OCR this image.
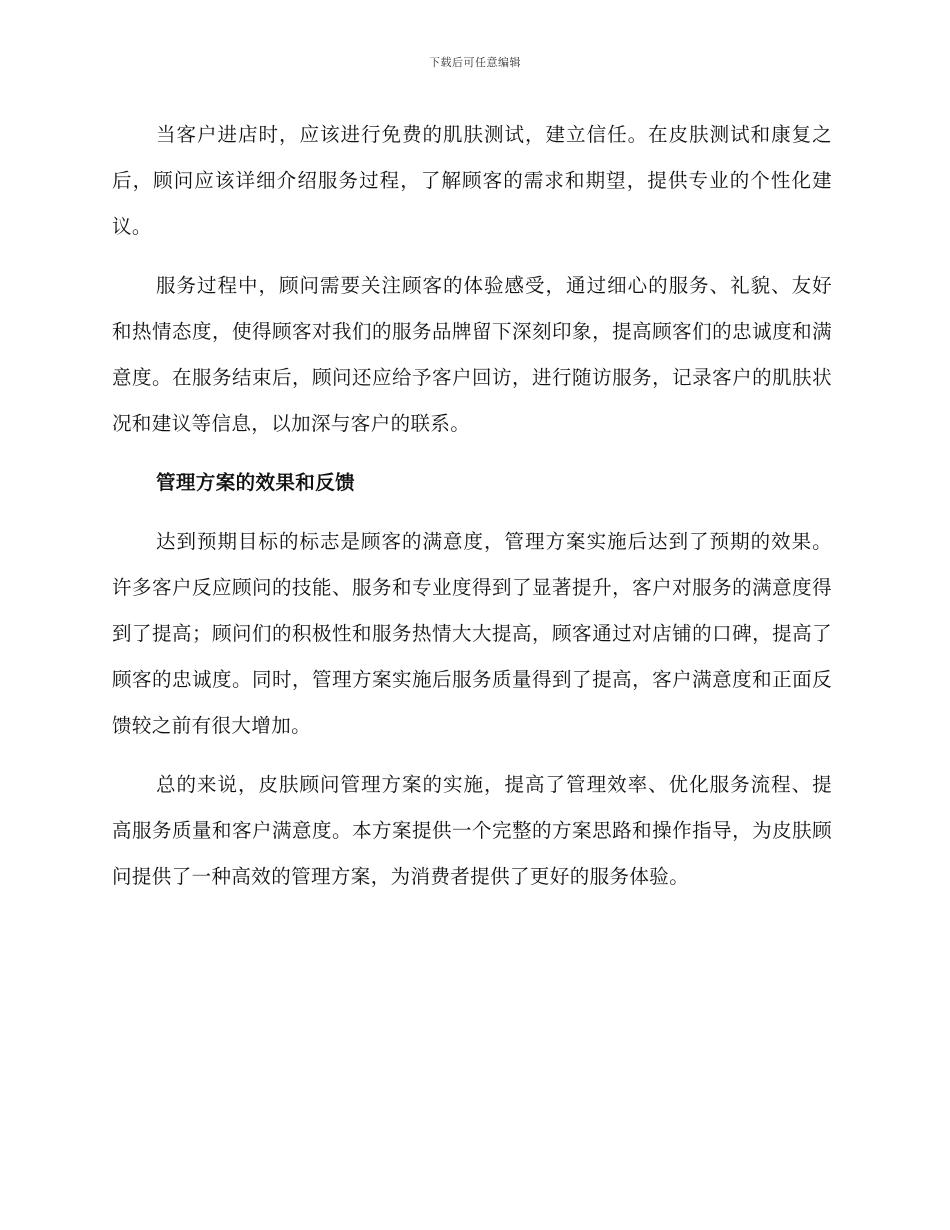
下载后可任意编辑

当客户进店时，应该进行免费的肌肤测试，建立信任。在皮肤测试和康复之后，顾问应该详细介绍服务过程，了解顾客的需求和期望，提供专业的个性化建议。

服务过程中，顾问需要关注顾客的体验感受，通过细心的服务、礼貌、友好和热情态度，使得顾客对我们的服务品牌留下深刻印象，提高顾客们的忠诚度和满意度。在服务结束后，顾问还应给予客户回访，进行随访服务，记录客户的肌肤状况和建议等信息，以加深与客户的联系。

管理方案的效果和反馈

达到预期目标的标志是顾客的满意度，管理方案实施后达到了预期的效果。许多客户反应顾问的技能、服务和专业度得到了显著提升，客户对服务的满意度得到了提高；顾问们的积极性和服务热情大大提高，顾客通过对店铺的口碑，提高了顾客的忠诚度。同时，管理方案实施后服务质量得到了提高，客户满意度和正面反馈较之前有很大增加。

总的来说，皮肤顾问管理方案的实施，提高了管理效率、优化服务流程、提高服务质量和客户满意度。本方案提供一个完整的方案思路和操作指导，为皮肤顾问提供了一种高效的管理方案，为消费者提供了更好的服务体验。
